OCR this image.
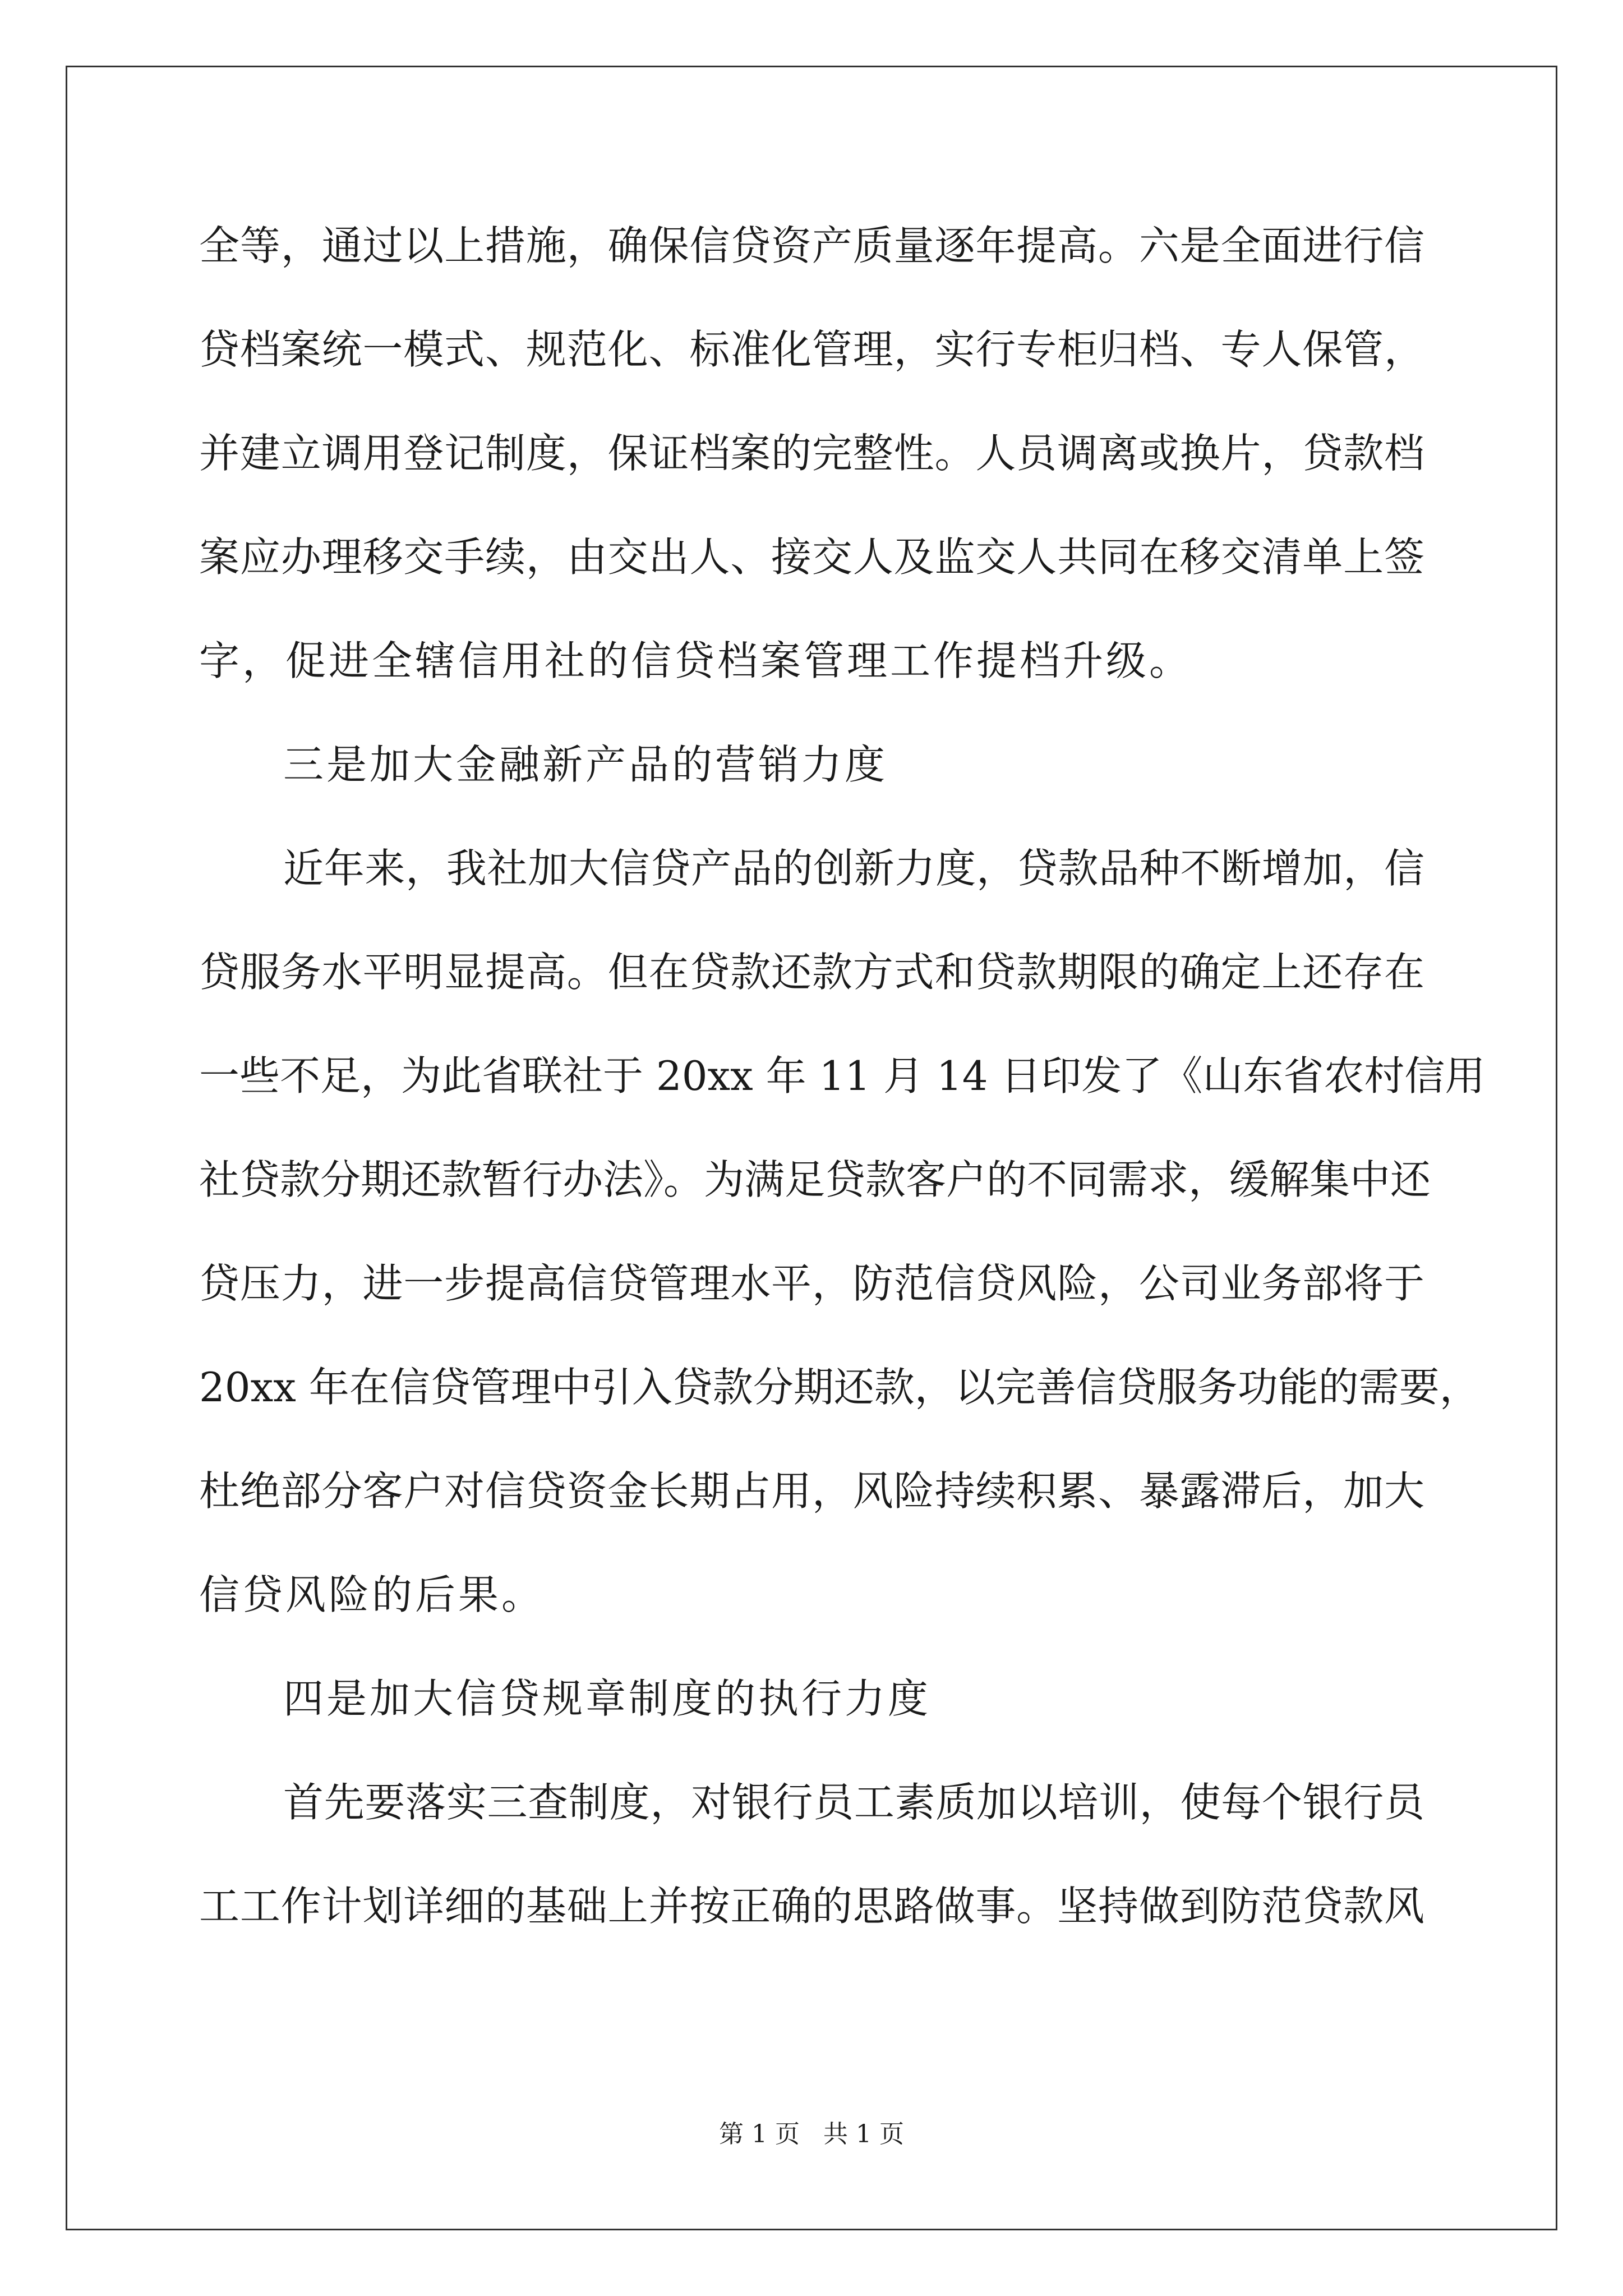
全等，通过以上措施，确保信贷资产质量逐年提高。六是全面进行信
贷档案统一模式、规范化、标准化管理，实行专柜归档、专人保管，
并建立调用登记制度，保证档案的完整性。人员调离或换片，贷款档
案应办理移交手续，由交出人、接交人及监交人共同在移交清单上签
字，促进全辖信用社的信贷档案管理工作提档升级。
三是加大金融新产品的营销力度
近年来，我社加大信贷产品的创新力度，贷款品种不断增加，信
贷服务水平明显提高。但在贷款还款方式和贷款期限的确定上还存在
一些不足，为此省联社于 20xx 年 11 月 14 日印发了《山东省农村信用
社贷款分期还款暂行办法》。为满足贷款客户的不同需求，缓解集中还
贷压力，进一步提高信贷管理水平，防范信贷风险，公司业务部将于
20xx 年在信贷管理中引入贷款分期还款，以完善信贷服务功能的需要，
杜绝部分客户对信贷资金长期占用，风险持续积累、暴露滞后，加大
信贷风险的后果。
四是加大信贷规章制度的执行力度
首先要落实三查制度，对银行员工素质加以培训，使每个银行员
工工作计划详细的基础上并按正确的思路做事。坚持做到防范贷款风
第 1 页   共 1 页
